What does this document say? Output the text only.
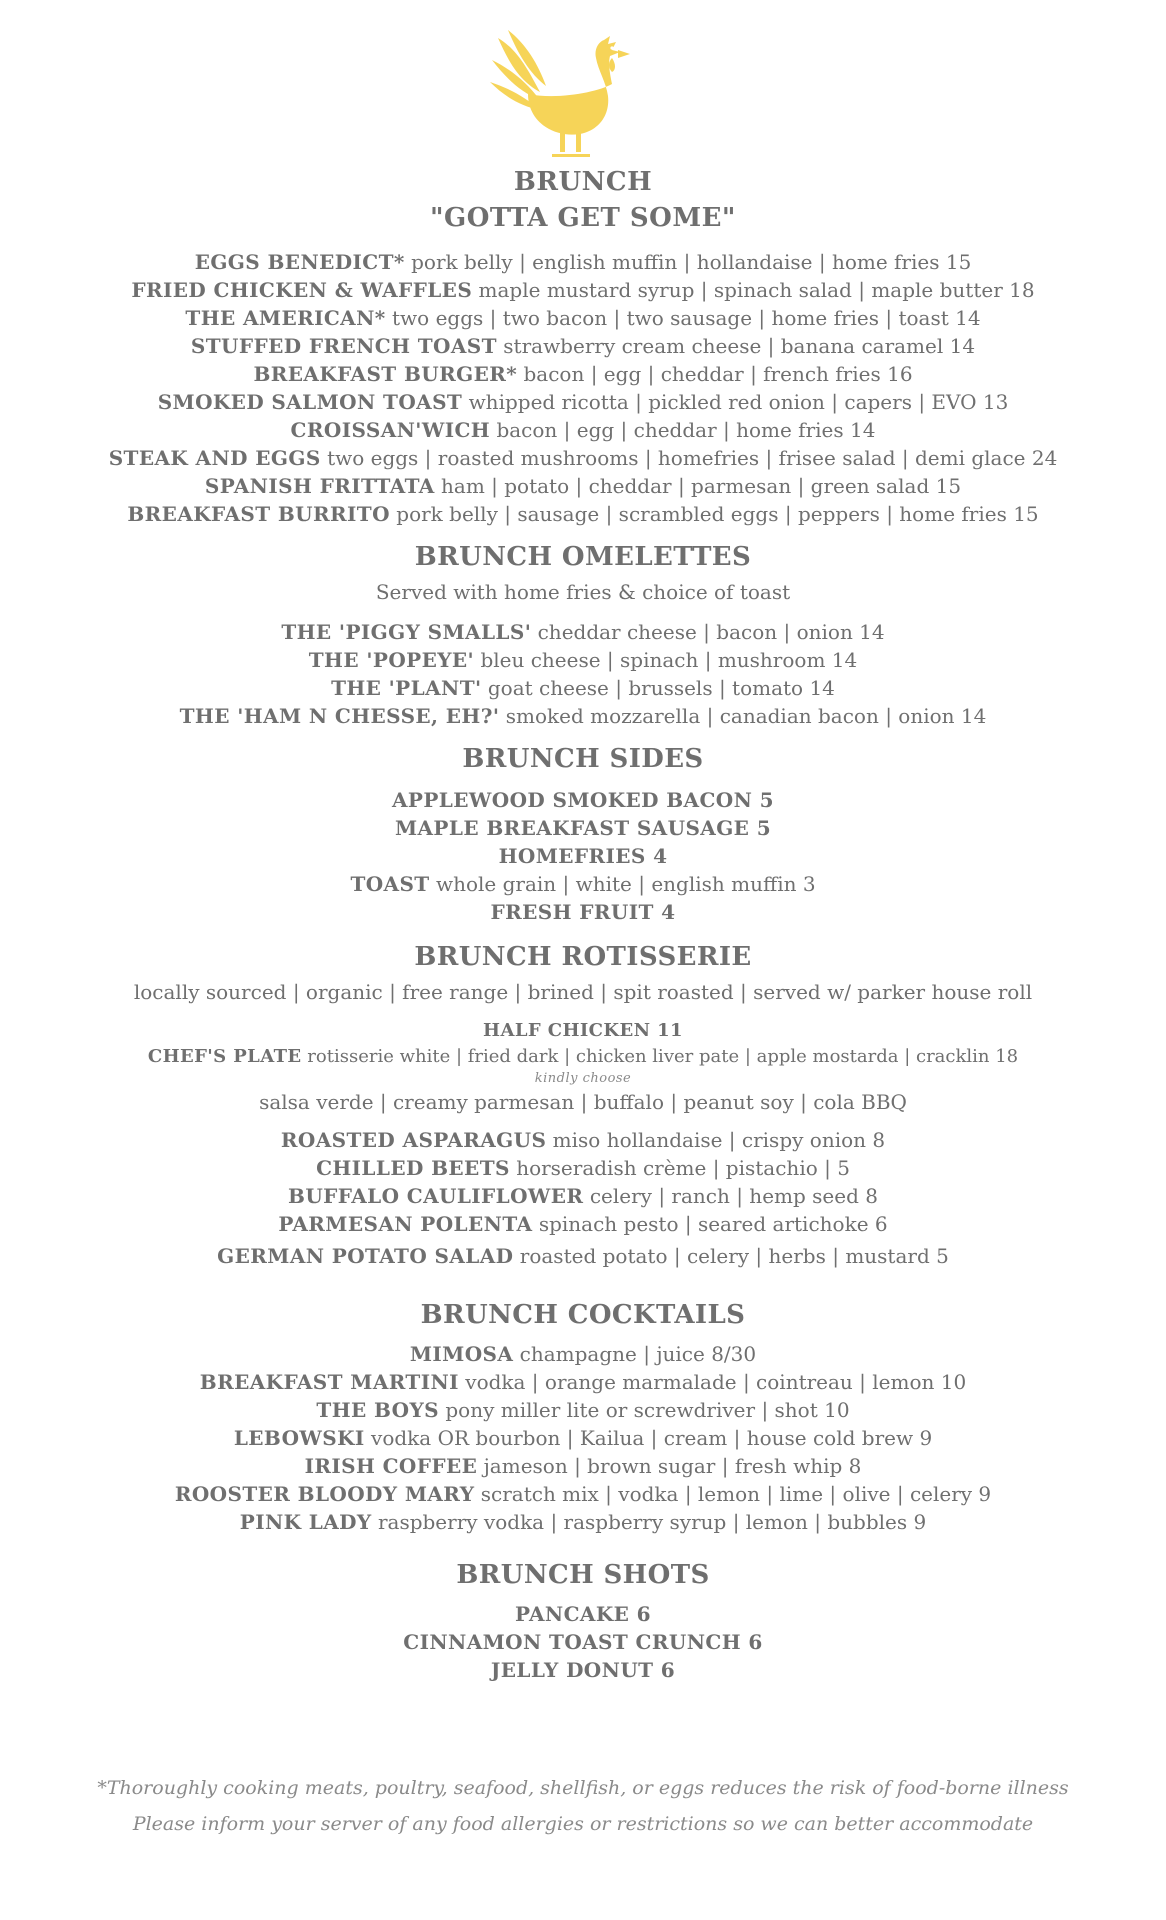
BRUNCH
"GOTTA GET SOME"
EGGS BENEDICT* pork belly | english muffin | hollandaise | home fries 15
FRIED CHICKEN & WAFFLES maple mustard syrup | spinach salad | maple butter 18
THE AMERICAN* two eggs | two bacon | two sausage | home fries | toast 14
STUFFED FRENCH TOAST strawberry cream cheese | banana caramel 14
BREAKFAST BURGER* bacon | egg | cheddar | french fries 16
SMOKED SALMON TOAST whipped ricotta | pickled red onion | capers | EVO 13
CROISSAN'WICH bacon | egg | cheddar | home fries 14
STEAK AND EGGS two eggs | roasted mushrooms | homefries | frisee salad | demi glace 24
SPANISH FRITTATA ham | potato | cheddar | parmesan | green salad 15
BREAKFAST BURRITO pork belly | sausage | scrambled eggs | peppers | home fries 15
BRUNCH OMELETTES
Served with home fries & choice of toast
THE 'PIGGY SMALLS' cheddar cheese | bacon | onion 14
THE 'POPEYE' bleu cheese | spinach | mushroom 14
THE 'PLANT' goat cheese | brussels | tomato 14
THE 'HAM N CHESSE, EH?' smoked mozzarella | canadian bacon | onion 14
BRUNCH SIDES
APPLEWOOD SMOKED BACON 5
MAPLE BREAKFAST SAUSAGE 5
HOMEFRIES 4
TOAST whole grain | white | english muffin 3
FRESH FRUIT 4
BRUNCH ROTISSERIE
locally sourced | organic | free range | brined | spit roasted | served w/ parker house roll
HALF CHICKEN 11
CHEF'S PLATE rotisserie white | fried dark | chicken liver pate | apple mostarda | cracklin 18
kindly choose
salsa verde | creamy parmesan | buffalo | peanut soy | cola BBQ
ROASTED ASPARAGUS miso hollandaise | crispy onion 8
CHILLED BEETS horseradish crème | pistachio | 5
BUFFALO CAULIFLOWER celery | ranch | hemp seed 8
PARMESAN POLENTA spinach pesto | seared artichoke 6
GERMAN POTATO SALAD roasted potato | celery | herbs | mustard 5
BRUNCH COCKTAILS
MIMOSA champagne | juice 8/30
BREAKFAST MARTINI vodka | orange marmalade | cointreau | lemon 10
THE BOYS pony miller lite or screwdriver | shot 10
LEBOWSKI vodka OR bourbon | Kailua | cream | house cold brew 9
IRISH COFFEE jameson | brown sugar | fresh whip 8
ROOSTER BLOODY MARY scratch mix | vodka | lemon | lime | olive | celery 9
PINK LADY raspberry vodka | raspberry syrup | lemon | bubbles 9
BRUNCH SHOTS
PANCAKE 6
CINNAMON TOAST CRUNCH 6
JELLY DONUT 6
*Thoroughly cooking meats, poultry, seafood, shellfish, or eggs reduces the risk of food-borne illness
Please inform your server of any food allergies or restrictions so we can better accommodate
